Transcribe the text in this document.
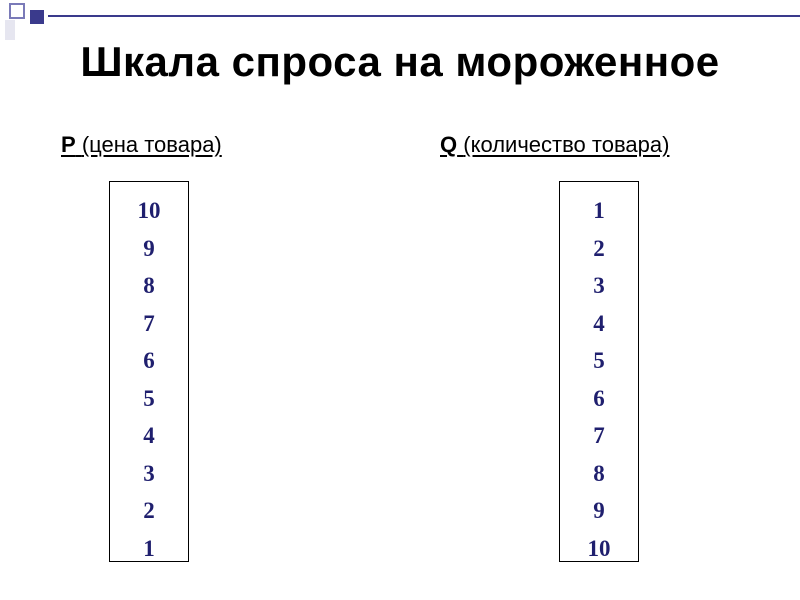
Шкала спроса на мороженное
P (цена товара)	Q (количество товара)
10
9
8
7
6
5
4
3
2
1
1
2
3
4
5
6
7
8
9
10
